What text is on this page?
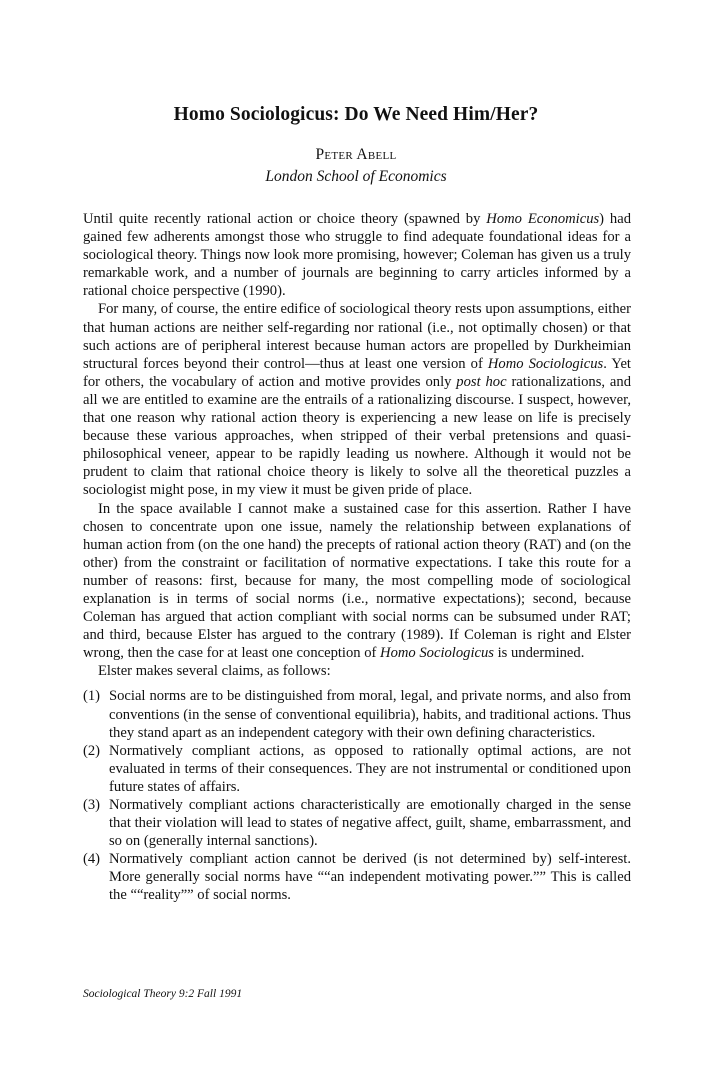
Homo Sociologicus: Do We Need Him/Her?

Peter Abell

London School of Economics

Until quite recently rational action or choice theory (spawned by Homo Economicus) had gained few adherents amongst those who struggle to find adequate foundational ideas for a sociological theory. Things now look more promising, however; Coleman has given us a truly remarkable work, and a number of journals are beginning to carry articles informed by a rational choice perspective (1990).

For many, of course, the entire edifice of sociological theory rests upon assumptions, either that human actions are neither self-regarding nor rational (i.e., not optimally chosen) or that such actions are of peripheral interest because human actors are propelled by Durkheimian structural forces beyond their control—thus at least one version of Homo Sociologicus. Yet for others, the vocabulary of action and motive provides only post hoc rationalizations, and all we are entitled to examine are the entrails of a rationalizing discourse. I suspect, however, that one reason why rational action theory is experiencing a new lease on life is precisely because these various approaches, when stripped of their verbal pretensions and quasi-philosophical veneer, appear to be rapidly leading us nowhere. Although it would not be prudent to claim that rational choice theory is likely to solve all the theoretical puzzles a sociologist might pose, in my view it must be given pride of place.

In the space available I cannot make a sustained case for this assertion. Rather I have chosen to concentrate upon one issue, namely the relationship between explanations of human action from (on the one hand) the precepts of rational action theory (RAT) and (on the other) from the constraint or facilitation of normative expectations. I take this route for a number of reasons: first, because for many, the most compelling mode of sociological explanation is in terms of social norms (i.e., normative expectations); second, because Coleman has argued that action compliant with social norms can be subsumed under RAT; and third, because Elster has argued to the contrary (1989). If Coleman is right and Elster wrong, then the case for at least one conception of Homo Sociologicus is undermined.

Elster makes several claims, as follows:

(1) Social norms are to be distinguished from moral, legal, and private norms, and also from conventions (in the sense of conventional equilibria), habits, and traditional actions. Thus they stand apart as an independent category with their own defining characteristics.
(2) Normatively compliant actions, as opposed to rationally optimal actions, are not evaluated in terms of their consequences. They are not instrumental or conditioned upon future states of affairs.
(3) Normatively compliant actions characteristically are emotionally charged in the sense that their violation will lead to states of negative affect, guilt, shame, embarrassment, and so on (generally internal sanctions).
(4) Normatively compliant action cannot be derived (is not determined by) self-interest. More generally social norms have ““an independent motivating power.”” This is called the ““reality”” of social norms.

Sociological Theory 9:2 Fall 1991
